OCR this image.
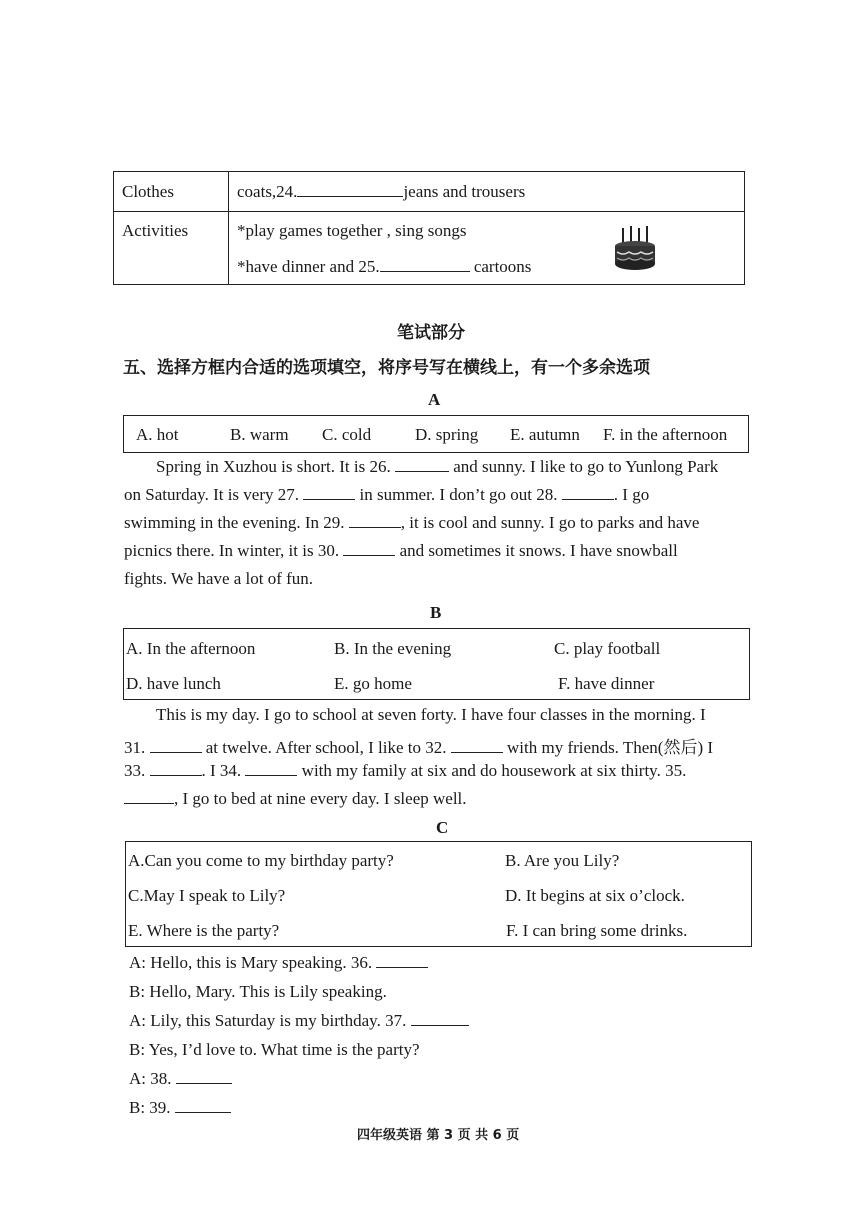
Clothes	coats,24.	jeans and trousers
Activities	*play games together , sing songs
*have dinner and 25.	cartoons
笔试部分
五、选择方框内合适的选项填空，将序号写在横线上，有一个多余选项
A
A. hot	B. warm C. cold	D. spring E. autumn F. in the afternoon
Spring in Xuzhou is short. It is 26.	and sunny. I like to go to Yunlong Park
on Saturday. It is very 27.	in summer. I don’t go out 28.	. I go
swimming in the evening. In 29.	, it is cool and sunny. I go to parks and have
picnics there. In winter, it is 30.	and sometimes it snows. I have snowball
fights. We have a lot of fun.
B
A. In the afternoon	B. In the evening	C. play football
D. have lunch	E. go home	F. have dinner
This is my day. I go to school at seven forty. I have four classes in the morning. I
31.	at twelve. After school, I like to 32.	with my friends. Then(然后) I
33.	. I 34.	with my family at six and do housework at six thirty. 35.
, I go to bed at nine every day. I sleep well.
C
A.Can you come to my birthday party?	B. Are you Lily?
C.May I speak to Lily?	D. It begins at six o’clock.
E. Where is the party?	F. I can bring some drinks.
A: Hello, this is Mary speaking. 36.
B: Hello, Mary. This is Lily speaking.
A: Lily, this Saturday is my birthday. 37.
B: Yes, I’d love to. What time is the party?
A: 38.
B: 39.
四年级英语 第 3 页 共 6 页
